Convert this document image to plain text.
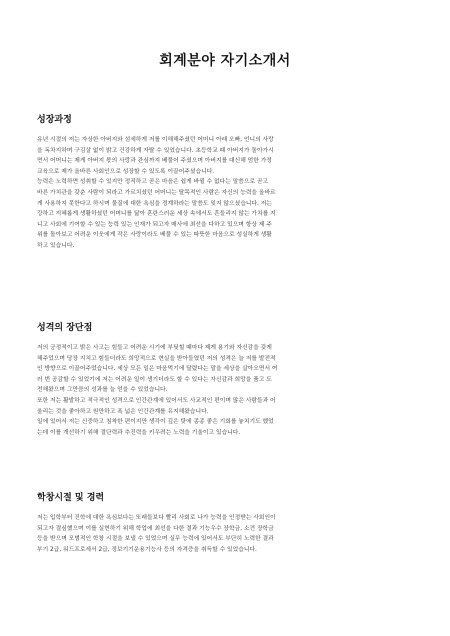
회계분야 자기소개서
성장과정
유년 시절의 저는 자상한 아버지와 섬세하게 저를 이해해주셨던 어머니 아래 오빠, 언니의 사랑
을 독차지하며 구김살 없이 밝고 건강하게 자랄 수 있었습니다. 초등학교 때 아버지가 돌아가시
면서 어머니는 제게 아버지 몫의 사랑과 관심까지 베풀어 주셨으며 아버지를 대신해 엄한 가정
교육으로 제가 올바른 사회인으로 성장할 수 있도록 이끌어주셨습니다.
능력은 노력하면 성취할 수 있지만 정직하고 곧은 마음은 쉽게 바뀔 수 없다는 말씀으로 곧고
바른 가치관을 갖춘 사람이 되라고 가르치셨던 어머니는 탈목적인 사람은 자신의 능력을 올바르
게 사용하지 못한다고 하시며 물질에 대한 욕심을 경계하라는 말씀도 잊지 않으셨습니다. 저는
강하고 지혜롭게 생활하셨던 어머니를 닮아 혼란스러운 세상 속에서도 흔들리지 않는 가치를 지
니고 사회에 기여할 수 있는 능력 있는 인재가 되고자 매사에 최선을 다하고 있으며 항상 제 주
위를 돌아보고 어려운 이웃에게 작은 사랑이라도 베풀 수 있는 따뜻한 마음으로 성실하게 생활
하고 있습니다.
성격의 장단점
저의 긍정적이고 밝은 사고는 힘들고 어려운 시기에 부딪힐 때마다 제게 용기와 자신감을 갖게
해주었으며 당장 지치고 힘들더라도 희망적으로 현실을 받아들였던 저의 성격은 늘 저를 발전적
인 방향으로 이끌어주었습니다. 세상 모든 일은 마음먹기에 달렸다는 말을 세상을 살아오면서 여
러 번 공감할 수 있었기에 저는 어려운 일이 생기더라도 할 수 있다는 자신감과 희망을 품고 도
전해왔으며 그만큼의 성과를 늘 얻을 수 있었습니다.
또한 저는 활발하고 적극적인 성격으로 인간관계에 있어서도 사교적인 편이며 많은 사람들과 어
울리는 것을 좋아하고 원만하고 폭 넓은 인간관계를 유지해왔습니다.
일에 있어서 저는 신중하고 침착한 편이지만 생각이 깊은 탓에 종종 좋은 기회를 놓치기도 했었
는데 이를 개선하기 위해 결단력과 추진력을 키우려는 노력을 기울이고 있습니다.
학창시절 및 경력
저는 입학부터 진학에 대한 욕심보다는 또래들보다 빨리 사회로 나가 능력을 인정받는 사회인이
되고자 결심했으며 이를 실현하기 위해 학업에 최선을 다한 결과 기능우수 장학금, 소견 장학금
등을 받으며 모범적인 학창 시절을 보낼 수 있었으며 실무 능력에 있어서도 부단히 노력한 결과
부기 2급, 워드프로세서 2급, 정보기기운용기능사 등의 자격증을 취득할 수 있었습니다.
